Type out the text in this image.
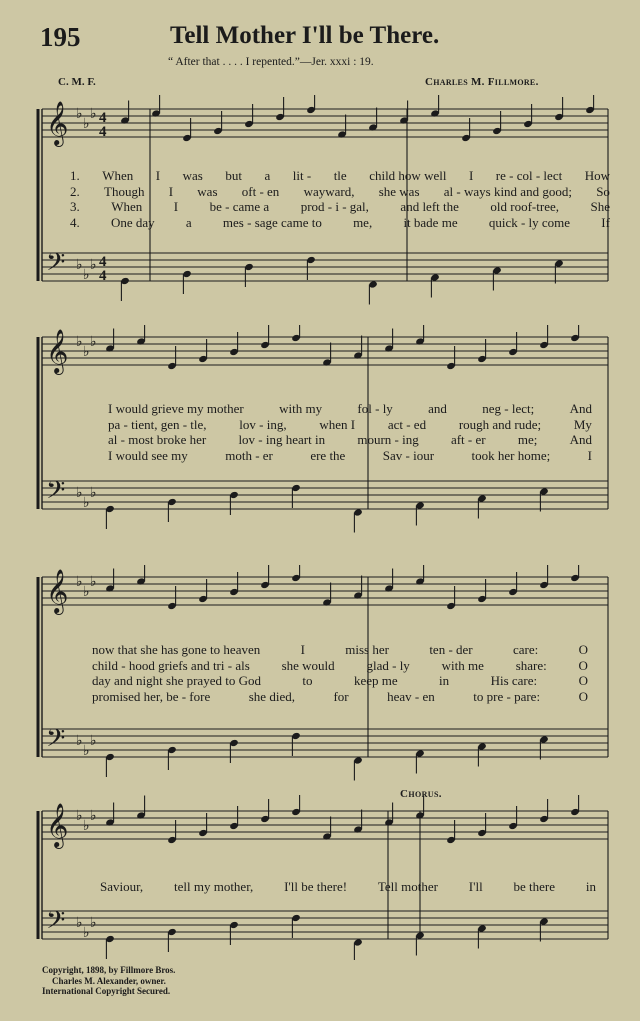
195	Tell Mother I'll be There.
“ After that . . . . I repented.”—Jer. xxxi : 19.
C. M. F.	Charles M. Fillmore.
𝄞
𝄢
♭
♭
♭
♭
♭
♭
4
4
4
4
𝄞
𝄢
♭
♭
♭
♭
♭
♭
𝄞
𝄢
♭
♭
♭
♭
♭
♭
𝄞
𝄢
♭
♭
♭
♭
♭
♭
1. When I was but a lit - tle child how well I re - col - lect How
2. Though I was oft - en wayward, she was al - ways kind and good; So
3. When I be - came a prod - i - gal, and left the old roof-tree, She
4. One day a mes - sage came to me, it bade me quick - ly come If
I would grieve my mother	with my	fol - ly	and	neg - lect;	And
pa - tient, gen - tle,	lov - ing,	when I	act - ed	rough and rude;	My
al - most broke her lov - ing heart in mourn - ing aft - er me; And
I would see my	moth - er	ere the	Sav - iour	took her home;	I
now that she has gone to heaven	I	miss her	ten - der	care:	O
child - hood griefs and tri - als she would glad - ly with me share: O
day and night she prayed to God	to	keep me	in	His care:	O
promised her, be - fore	she died,	for	heav - en	to pre - pare:	O
Chorus.
Saviour, tell my mother, I'll be there! Tell mother I'll be there in
Copyright, 1898, by Fillmore Bros.
Charles M. Alexander, owner.
International Copyright Secured.
